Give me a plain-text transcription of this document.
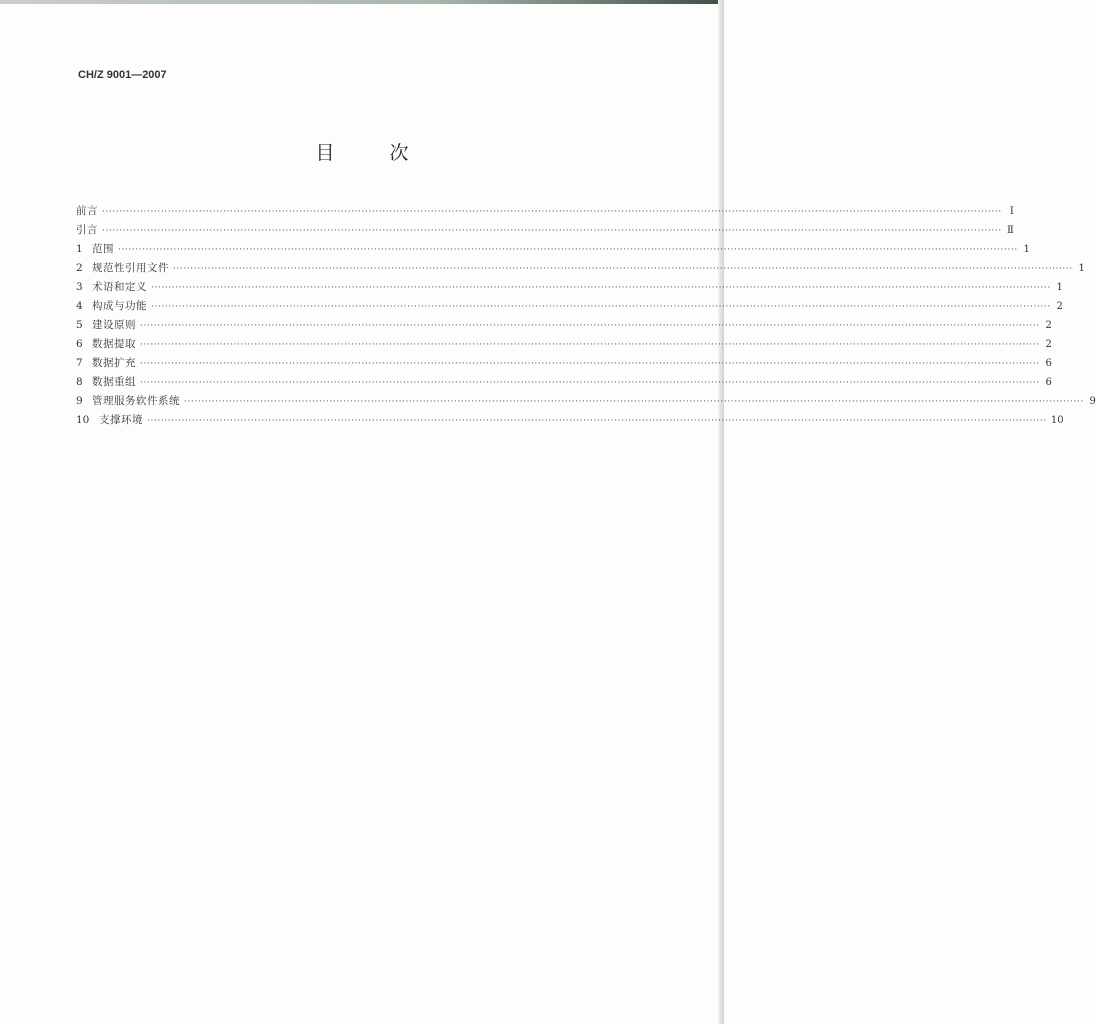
CH/Z 9001—2007
目　次
前言 ···································································································································································································································································· Ⅰ
引言 ···································································································································································································································································· Ⅱ
1 范围 ···································································································································································································································································· 1
2 规范性引用文件 ···································································································································································································································································· 1
3 术语和定义 ···································································································································································································································································· 1
4 构成与功能 ···································································································································································································································································· 2
5 建设原则 ···································································································································································································································································· 2
6 数据提取 ···································································································································································································································································· 2
7 数据扩充 ···································································································································································································································································· 6
8 数据重组 ···································································································································································································································································· 6
9 管理服务软件系统 ···································································································································································································································································· 9
10 支撑环境 ···································································································································································································································································· 10
